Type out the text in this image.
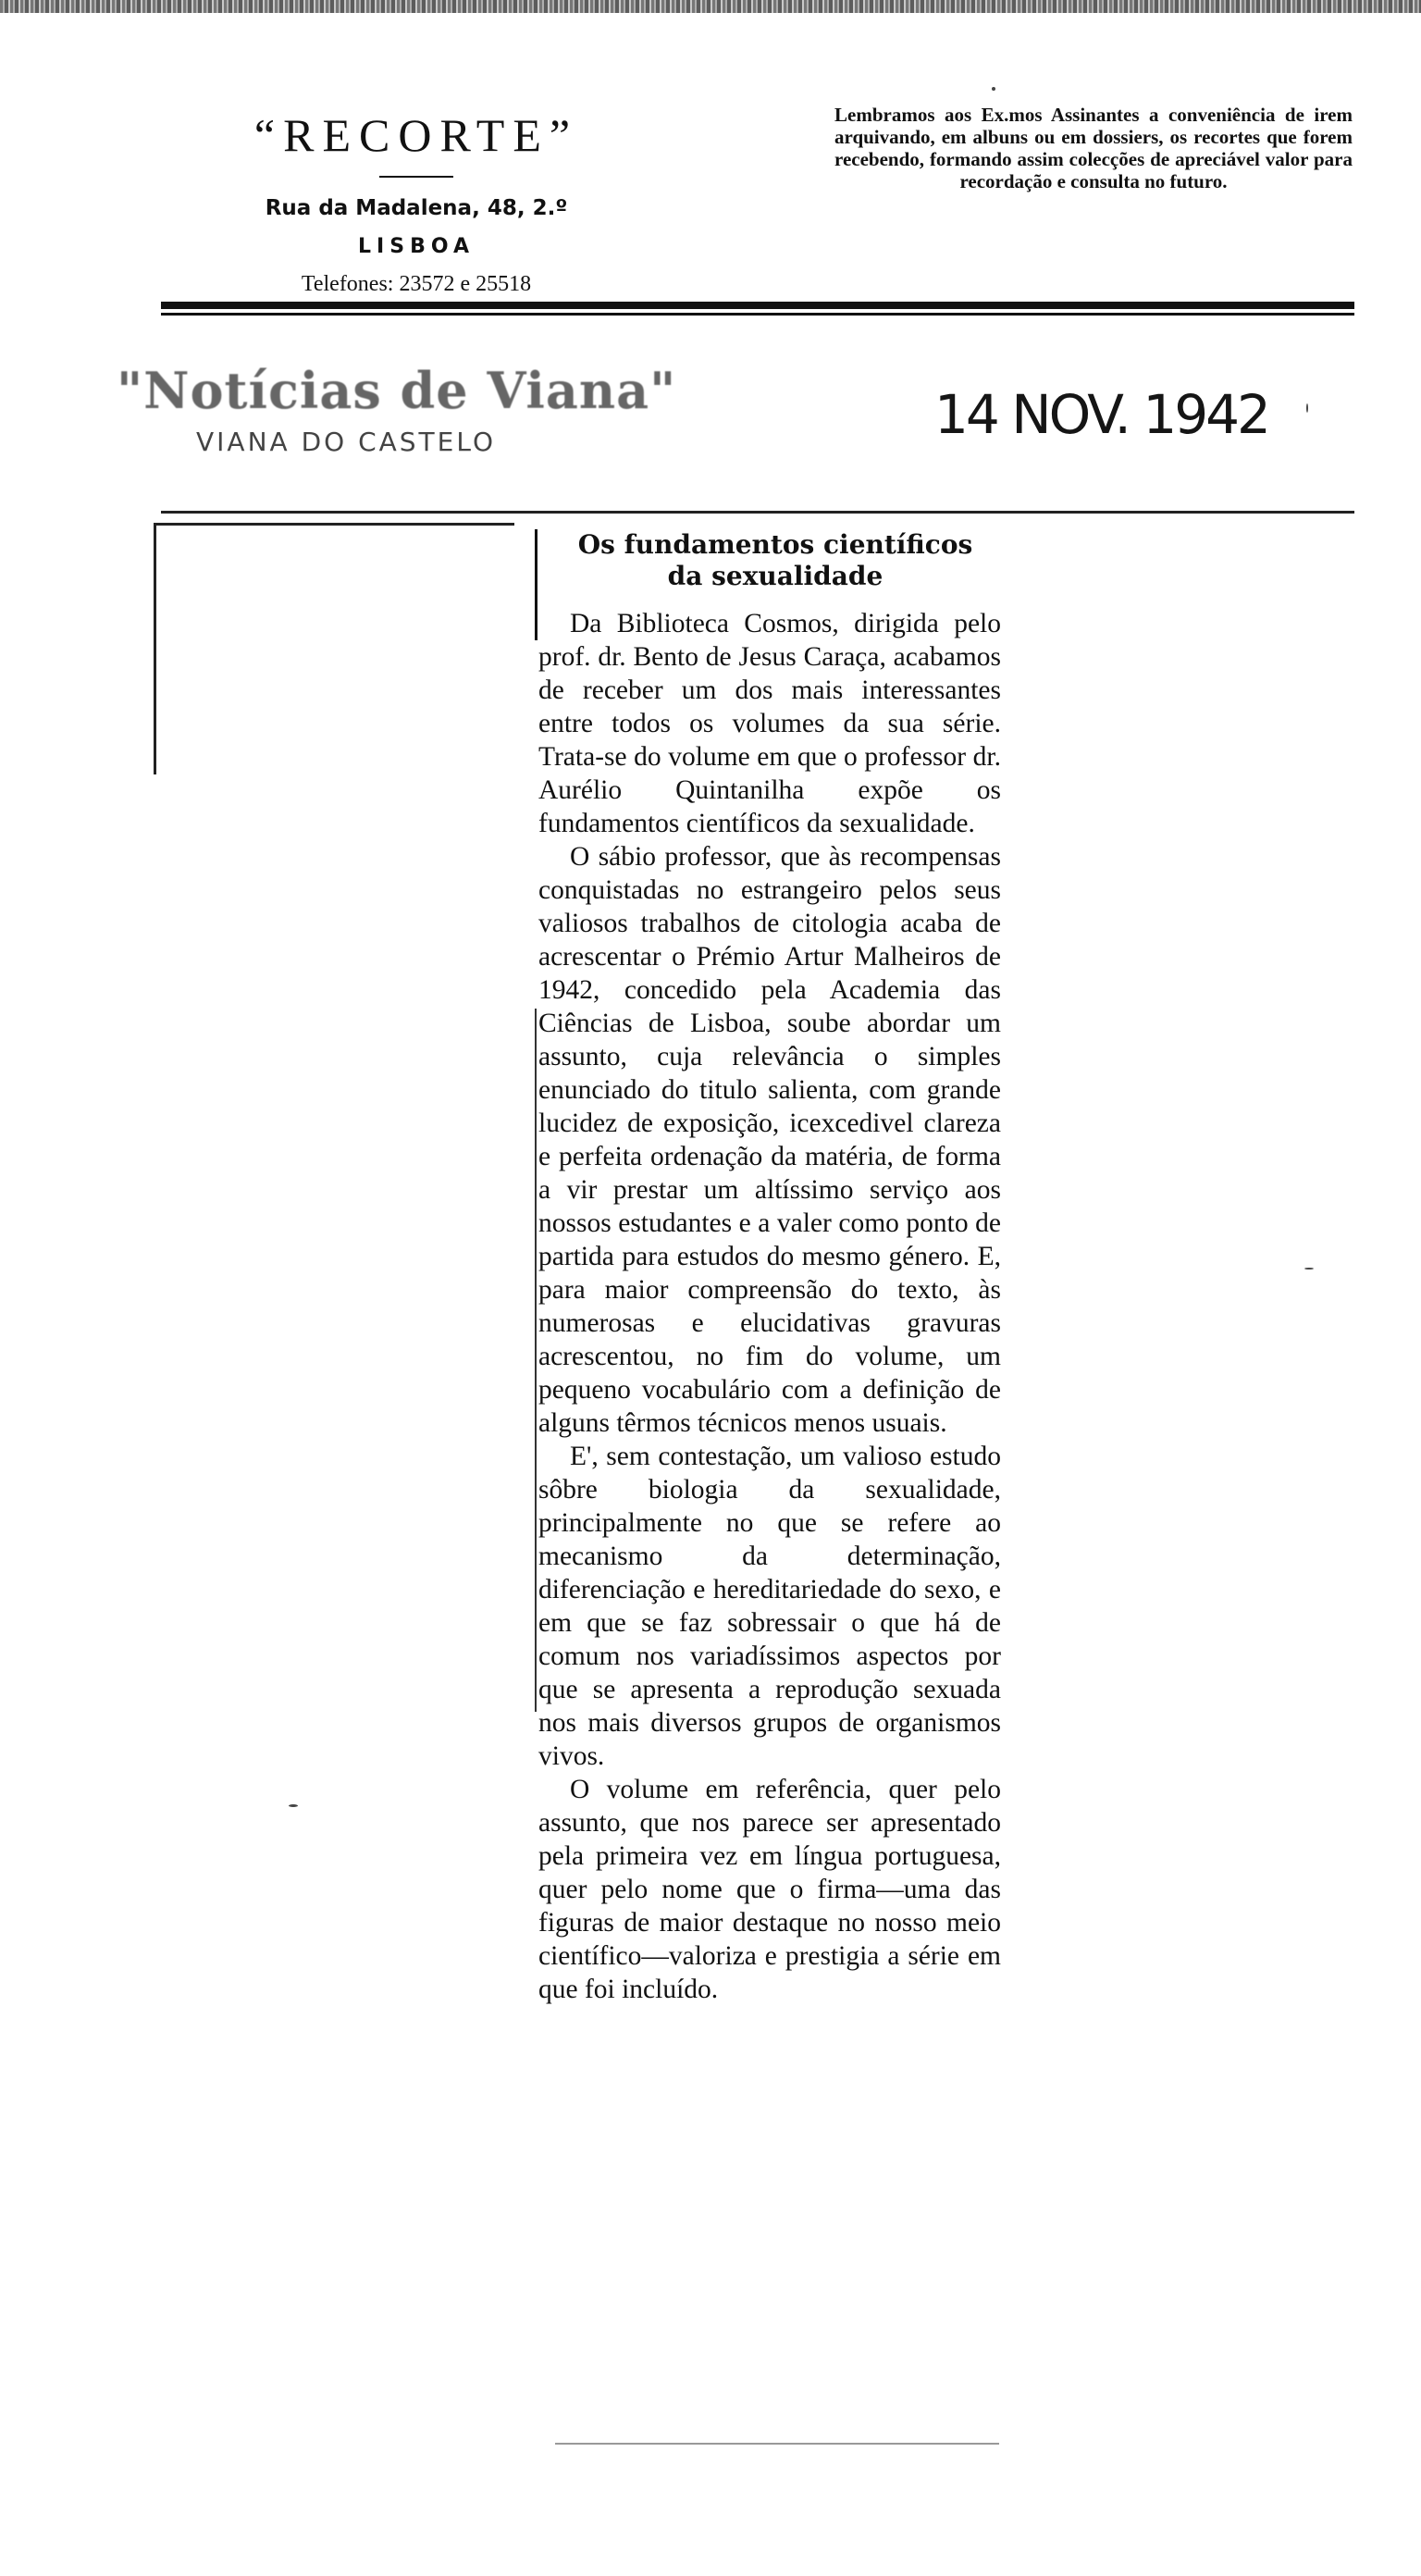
“RECORTE”
Rua da Madalena, 48, 2.º
LISBOA
Telefones: 23572 e 25518
Lembramos aos Ex.mos Assinantes a conveniência de irem arquivando, em albuns ou em dossiers, os recortes que forem recebendo, formando assim colecções de apreciável valor para recordação e consulta no futuro.
"Notícias de Viana"
VIANA DO CASTELO	14 NOV. 1942
Os fundamentos científicos
da sexualidade

Da Biblioteca Cosmos, dirigida pelo prof. dr. Bento de Jesus Caraça, acabamos de receber um dos mais interessantes entre todos os volumes da sua série. Trata-se do volume em que o professor dr. Aurélio Quintanilha expõe os fundamentos científicos da sexualidade.

O sábio professor, que às recompensas conquistadas no estrangeiro pelos seus valiosos trabalhos de citologia acaba de acrescentar o Prémio Artur Malheiros de 1942, concedido pela Academia das Ciências de Lisboa, soube abordar um assunto, cuja relevância o simples enunciado do titulo salienta, com grande lucidez de exposição, icexcedivel clareza e perfeita ordenação da matéria, de forma a vir prestar um altíssimo serviço aos nossos estudantes e a valer como ponto de partida para estudos do mesmo género. E, para maior compreensão do texto, às numerosas e elucidativas gravuras acrescentou, no fim do volume, um pequeno vocabulário com a definição de alguns têrmos técnicos menos usuais.

E', sem contestação, um valioso estudo sôbre biologia da sexualidade, principalmente no que se refere ao mecanismo da determinação, diferenciação e hereditariedade do sexo, e em que se faz sobressair o que há de comum nos variadíssimos aspectos por que se apresenta a reprodução sexuada nos mais diversos grupos de organismos vivos.

O volume em referência, quer pelo assunto, que nos parece ser apresentado pela primeira vez em língua portuguesa, quer pelo nome que o firma—uma das figuras de maior destaque no nosso meio científico—valoriza e prestigia a série em que foi incluído.
